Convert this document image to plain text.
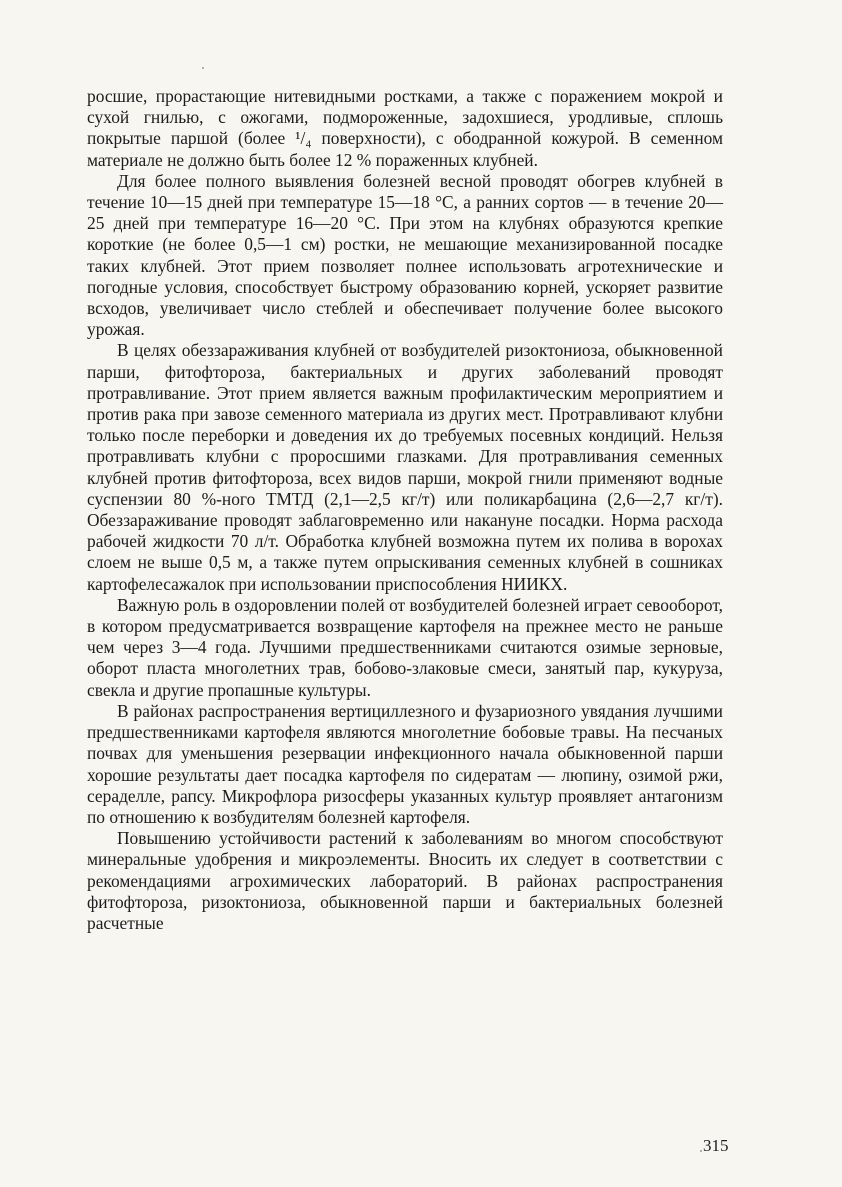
росшие, прорастающие нитевидными ростками, а также с поражением мокрой и сухой гнилью, с ожогами, подмороженные, задохшиеся, уродливые, сплошь покрытые паршой (более ¹/₄ поверхности), с ободранной кожурой. В семенном материале не должно быть более 12 % пораженных клубней.

Для более полного выявления болезней весной проводят обогрев клубней в течение 10—15 дней при температуре 15—18 °С, а ранних сортов — в течение 20—25 дней при температуре 16—20 °С. При этом на клубнях образуются крепкие короткие (не более 0,5—1 см) ростки, не мешающие механизированной посадке таких клубней. Этот прием позволяет полнее использовать агротехнические и погодные условия, способствует быстрому образованию корней, ускоряет развитие всходов, увеличивает число стеблей и обеспечивает получение более высокого урожая.

В целях обеззараживания клубней от возбудителей ризоктониоза, обыкновенной парши, фитофтороза, бактериальных и других заболеваний проводят протравливание. Этот прием является важным профилактическим мероприятием и против рака при завозе семенного материала из других мест. Протравливают клубни только после переборки и доведения их до требуемых посевных кондиций. Нельзя протравливать клубни с проросшими глазками. Для протравливания семенных клубней против фитофтороза, всех видов парши, мокрой гнили применяют водные суспензии 80 %-ного ТМТД (2,1—2,5 кг/т) или поликарбацина (2,6—2,7 кг/т). Обеззараживание проводят заблаговременно или накануне посадки. Норма расхода рабочей жидкости 70 л/т. Обработка клубней возможна путем их полива в ворохах слоем не выше 0,5 м, а также путем опрыскивания семенных клубней в сошниках картофелесажалок при использовании приспособления НИИКХ.

Важную роль в оздоровлении полей от возбудителей болезней играет севооборот, в котором предусматривается возвращение картофеля на прежнее место не раньше чем через 3—4 года. Лучшими предшественниками считаются озимые зерновые, оборот пласта многолетних трав, бобово-злаковые смеси, занятый пар, кукуруза, свекла и другие пропашные культуры.

В районах распространения вертициллезного и фузариозного увядания лучшими предшественниками картофеля являются многолетние бобовые травы. На песчаных почвах для уменьшения резервации инфекционного начала обыкновенной парши хорошие результаты дает посадка картофеля по сидератам — люпину, озимой ржи, сераделле, рапсу. Микрофлора ризосферы указанных культур проявляет антагонизм по отношению к возбудителям болезней картофеля.

Повышению устойчивости растений к заболеваниям во многом способствуют минеральные удобрения и микроэлементы. Вносить их следует в соответствии с рекомендациями агрохимических лабораторий. В районах распространения фитофтороза, ризоктониоза, обыкновенной парши и бактериальных болезней расчетные

315
